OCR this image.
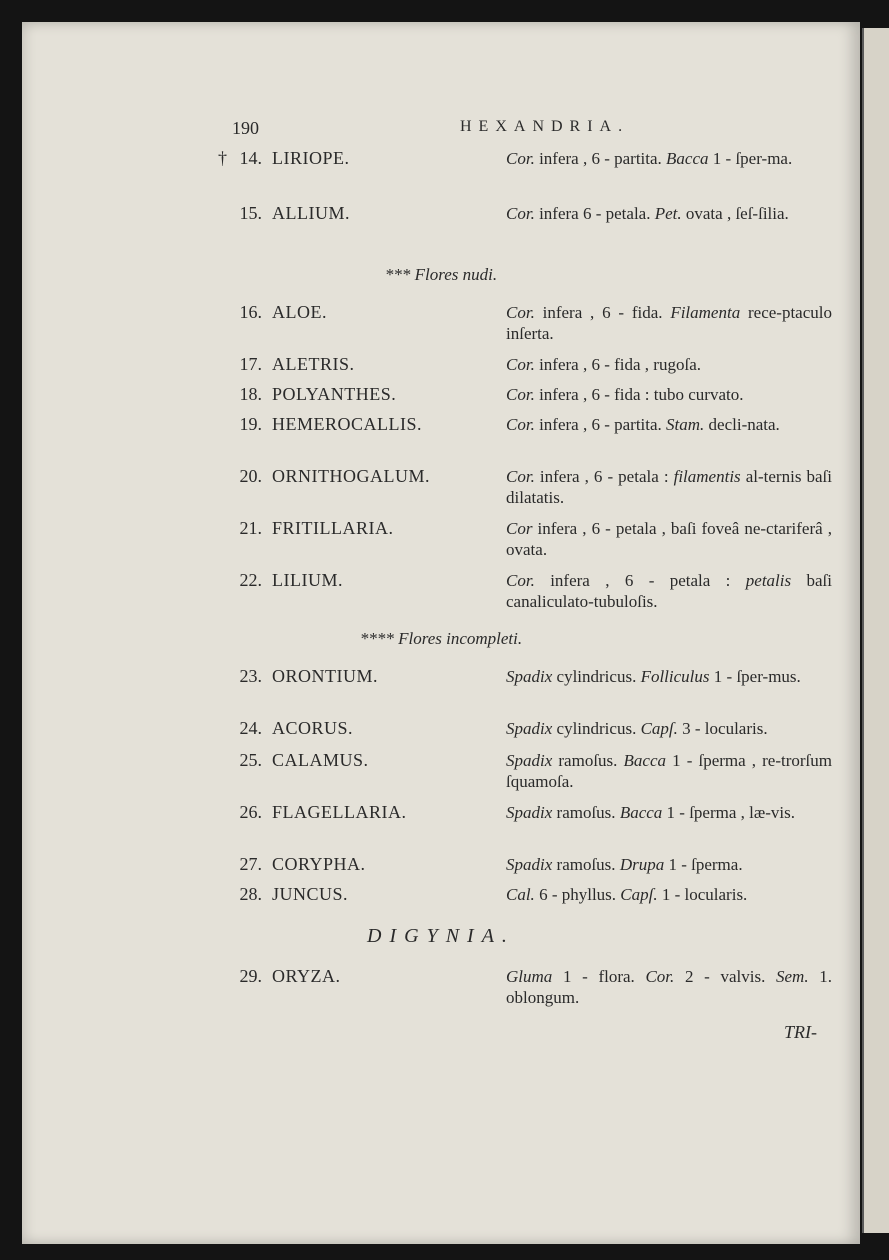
190	HEXANDRIA.
† 14. LIRIOPE.	Cor. infera , 6 - partita. Bacca 1 - ſper-ma.
15. ALLIUM.	Cor. infera 6 - petala. Pet. ovata , ſeſ-ſilia.
*** Flores nudi.
16. ALOE.	Cor. infera , 6 - fida. Filamenta rece-ptaculo inſerta.
17. ALETRIS.	Cor. infera , 6 - fida , rugoſa.
18. POLYANTHES.	Cor. infera , 6 - fida : tubo curvato.
19. HEMEROCALLIS.	Cor. infera , 6 - partita. Stam. decli-nata.
20. ORNITHOGALUM.	Cor. infera , 6 - petala : filamentis al-ternis baſi dilatatis.
21. FRITILLARIA.	Cor infera , 6 - petala , baſi foveâ ne-ctariferâ , ovata.
22. LILIUM.	Cor. infera , 6 - petala : petalis baſi canaliculato-tubuloſis.
**** Flores incompleti.
23. ORONTIUM.	Spadix cylindricus. Folliculus 1 - ſper-mus.
24. ACORUS.	Spadix cylindricus. Capſ. 3 - locularis.
25. CALAMUS.	Spadix ramoſus. Bacca 1 - ſperma , re-trorſum ſquamoſa.
26. FLAGELLARIA.	Spadix ramoſus. Bacca 1 - ſperma , læ-vis.
27. CORYPHA.	Spadix ramoſus. Drupa 1 - ſperma.
28. JUNCUS.	Cal. 6 - phyllus. Capſ. 1 - locularis.
DIGYNIA.
29. ORYZA.	Gluma 1 - flora. Cor. 2 - valvis. Sem. 1. oblongum.
TRI-
